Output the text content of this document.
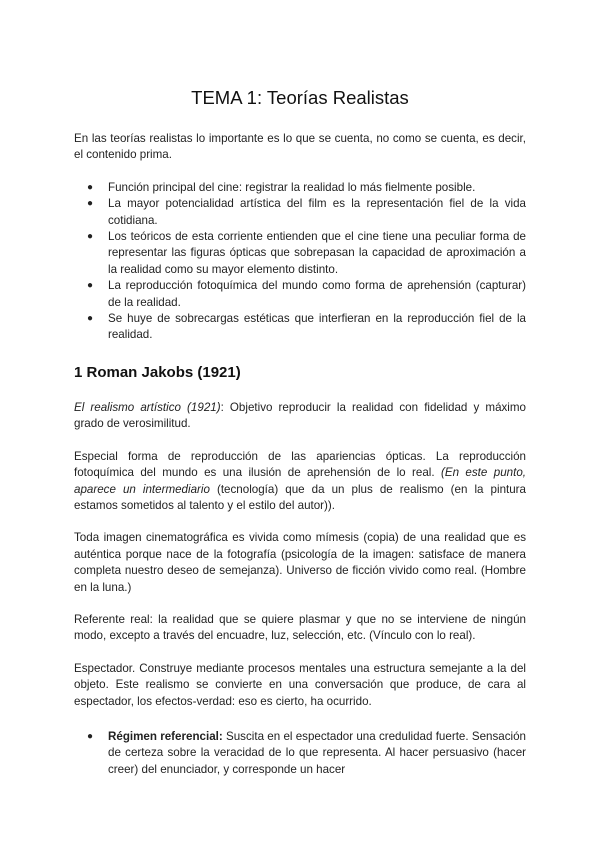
TEMA 1: Teorías Realistas

En las teorías realistas lo importante es lo que se cuenta, no como se cuenta, es decir, el contenido prima.

● Función principal del cine: registrar la realidad lo más fielmente posible.
● La mayor potencialidad artística del film es la representación fiel de la vida cotidiana.
● Los teóricos de esta corriente entienden que el cine tiene una peculiar forma de representar las figuras ópticas que sobrepasan la capacidad de aproximación a la realidad como su mayor elemento distinto.
● La reproducción fotoquímica del mundo como forma de aprehensión (capturar) de la realidad.
● Se huye de sobrecargas estéticas que interfieran en la reproducción fiel de la realidad.
1 Roman Jakobs (1921)

El realismo artístico (1921): Objetivo reproducir la realidad con fidelidad y máximo grado de verosimilitud.

Especial forma de reproducción de las apariencias ópticas. La reproducción fotoquímica del mundo es una ilusión de aprehensión de lo real. (En este punto, aparece un intermediario (tecnología) que da un plus de realismo (en la pintura estamos sometidos al talento y el estilo del autor)).

Toda imagen cinematográfica es vivida como mímesis (copia) de una realidad que es auténtica porque nace de la fotografía (psicología de la imagen: satisface de manera completa nuestro deseo de semejanza). Universo de ficción vivido como real. (Hombre en la luna.)

Referente real: la realidad que se quiere plasmar y que no se interviene de ningún modo, excepto a través del encuadre, luz, selección, etc. (Vínculo con lo real).

Espectador. Construye mediante procesos mentales una estructura semejante a la del objeto. Este realismo se convierte en una conversación que produce, de cara al espectador, los efectos-verdad: eso es cierto, ha ocurrido.

● Régimen referencial: Suscita en el espectador una credulidad fuerte. Sensación de certeza sobre la veracidad de lo que representa. Al hacer persuasivo (hacer creer) del enunciador, y corresponde un hacer
